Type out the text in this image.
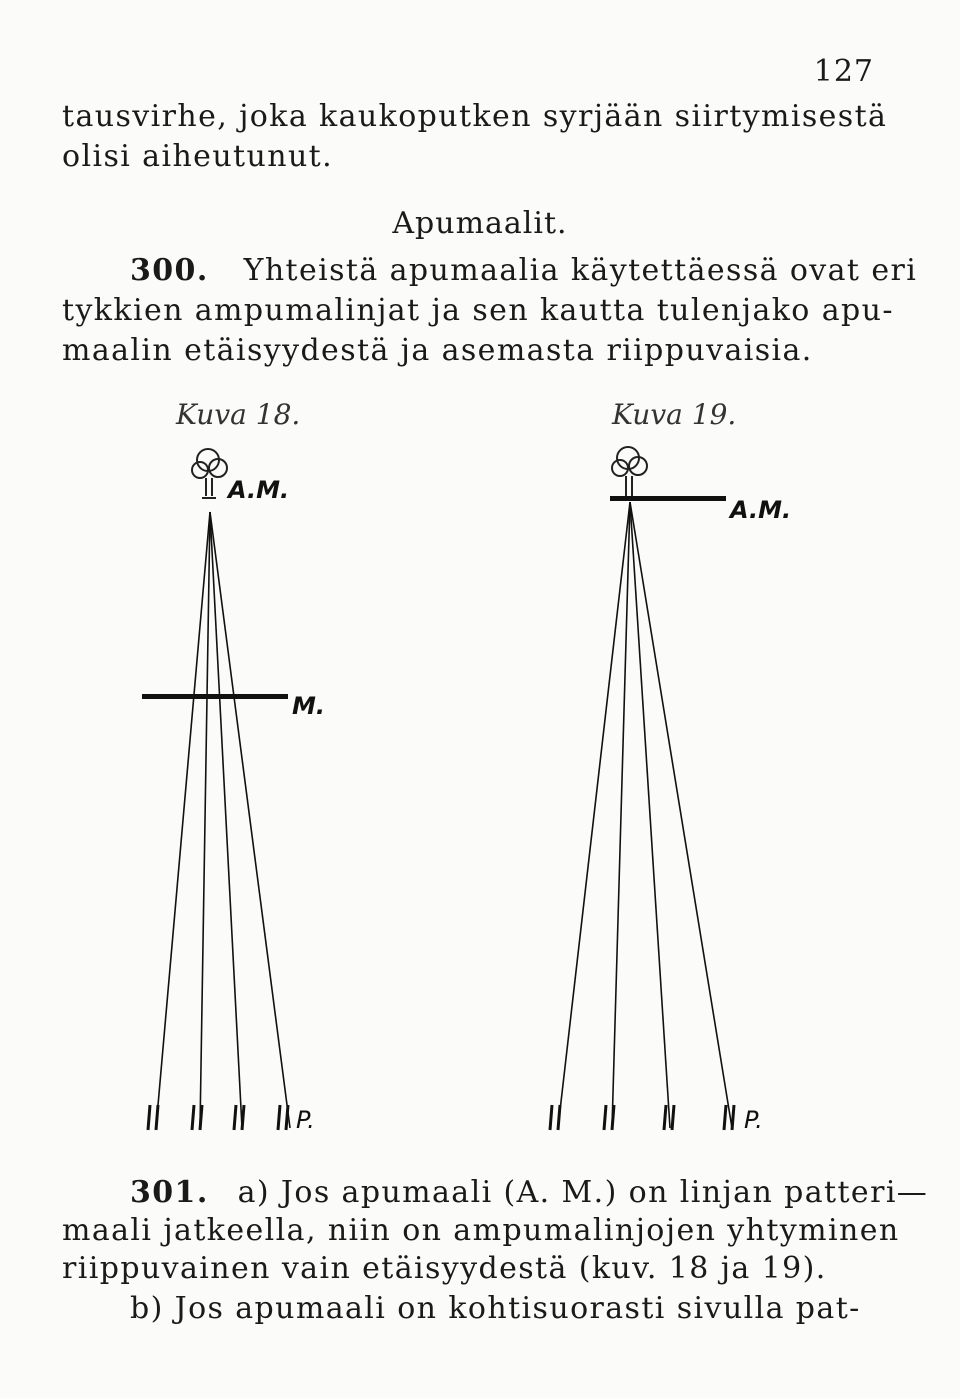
127
tausvirhe, joka kaukoputken syrjään siirtymisestä
olisi aiheutunut.
Apumaalit.
300. Yhteistä apumaalia käytettäessä ovat eri
tykkien ampumalinjat ja sen kautta tulenjako apu-
maalin etäisyydestä ja asemasta riippuvaisia.
Kuva 18.	Kuva 19.
A.M.
M.
P.
A.M.
P.
301. a) Jos apumaali (A. M.) on linjan patteri—
maali jatkeella, niin on ampumalinjojen yhtyminen
riippuvainen vain etäisyydestä (kuv. 18 ja 19).
b) Jos apumaali on kohtisuorasti sivulla pat-
